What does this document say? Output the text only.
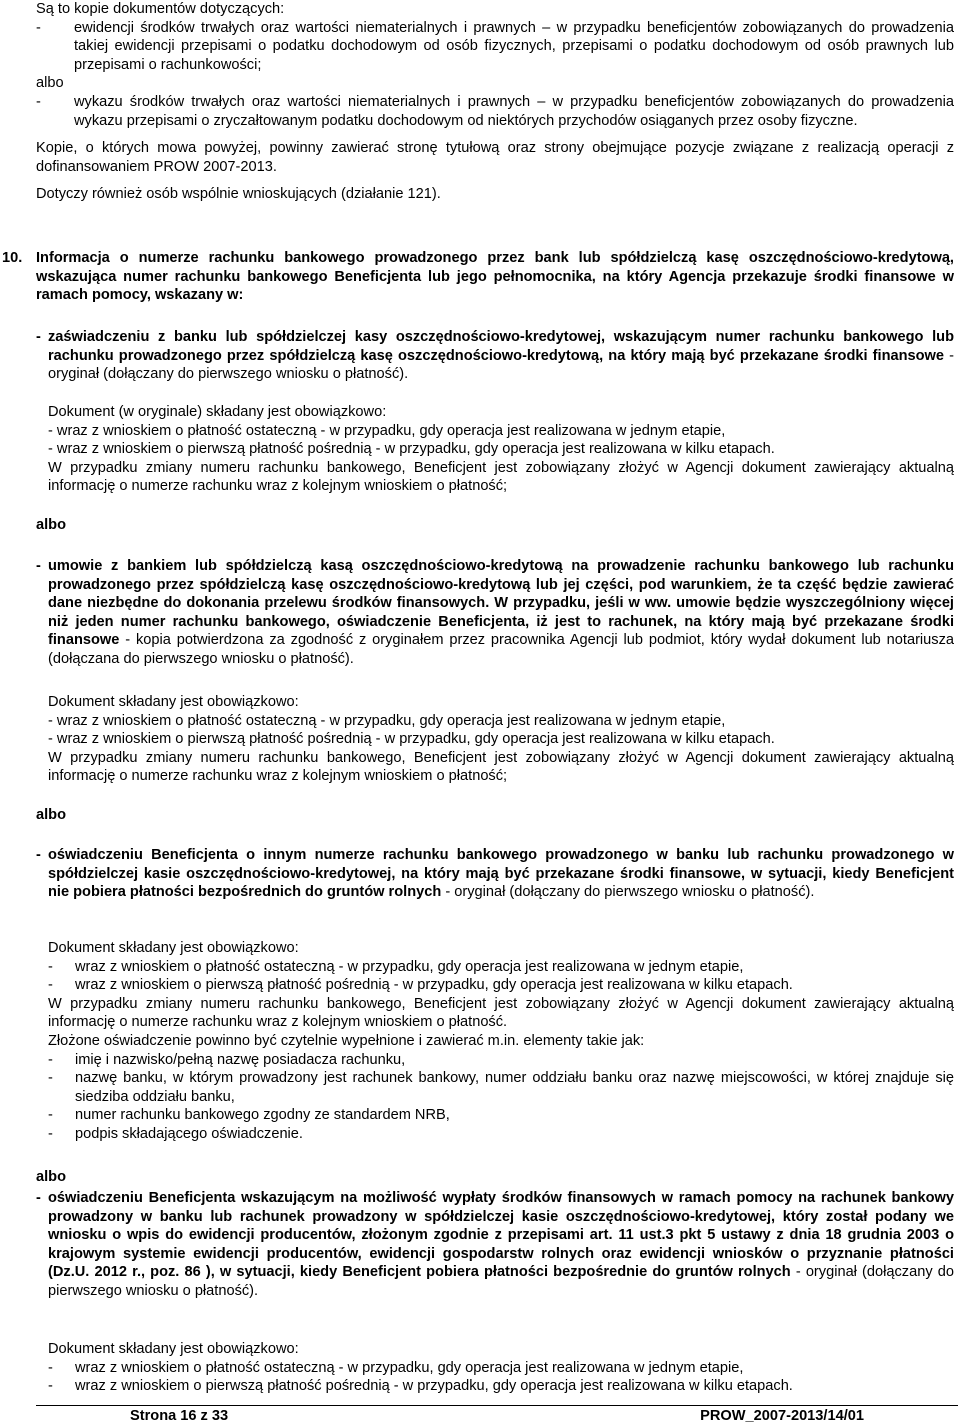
Są to kopie dokumentów dotyczących:

-	ewidencji środków trwałych oraz wartości niematerialnych i prawnych – w przypadku beneficjentów zobowiązanych do prowadzenia takiej ewidencji przepisami o podatku dochodowym od osób fizycznych, przepisami o podatku dochodowym od osób prawnych lub przepisami o rachunkowości;

albo

-	wykazu środków trwałych oraz wartości niematerialnych i prawnych – w przypadku beneficjentów zobowiązanych do prowadzenia wykazu przepisami o zryczałtowanym podatku dochodowym od niektórych przychodów osiąganych przez osoby fizyczne.

Kopie, o których mowa powyżej, powinny zawierać stronę tytułową oraz strony obejmujące pozycje związane z realizacją operacji z dofinansowaniem PROW 2007-2013.

Dotyczy również osób wspólnie wnioskujących (działanie 121).

10. Informacja o numerze rachunku bankowego prowadzonego przez bank lub spółdzielczą kasę oszczędnościowo-kredytową, wskazująca numer rachunku bankowego Beneficjenta lub jego pełnomocnika, na który Agencja przekazuje środki finansowe w ramach pomocy, wskazany w:
- zaświadczeniu z banku lub spółdzielczej kasy oszczędnościowo-kredytowej, wskazującym numer rachunku bankowego lub rachunku prowadzonego przez spółdzielczą kasę oszczędnościowo-kredytową, na który mają być przekazane środki finansowe - oryginał (dołączany do pierwszego wniosku o płatność).

Dokument (w oryginale) składany jest obowiązkowo:

- wraz z wnioskiem o płatność ostateczną - w przypadku, gdy operacja jest realizowana w jednym etapie,

- wraz z wnioskiem o pierwszą płatność pośrednią - w przypadku, gdy operacja jest realizowana w kilku etapach.

W przypadku zmiany numeru rachunku bankowego, Beneficjent jest zobowiązany złożyć w Agencji dokument zawierający aktualną informację o numerze rachunku wraz z kolejnym wnioskiem o płatność;

albo
- umowie z bankiem lub spółdzielczą kasą oszczędnościowo-kredytową na prowadzenie rachunku bankowego lub rachunku prowadzonego przez spółdzielczą kasę oszczędnościowo-kredytową lub jej części, pod warunkiem, że ta część będzie zawierać dane niezbędne do dokonania przelewu środków finansowych. W przypadku, jeśli w ww. umowie będzie wyszczególniony więcej niż jeden numer rachunku bankowego, oświadczenie Beneficjenta, iż jest to rachunek, na który mają być przekazane środki finansowe - kopia potwierdzona za zgodność z oryginałem przez pracownika Agencji lub podmiot, który wydał dokument lub notariusza (dołączana do pierwszego wniosku o płatność).

Dokument składany jest obowiązkowo:

- wraz z wnioskiem o płatność ostateczną - w przypadku, gdy operacja jest realizowana w jednym etapie,

- wraz z wnioskiem o pierwszą płatność pośrednią - w przypadku, gdy operacja jest realizowana w kilku etapach.

W przypadku zmiany numeru rachunku bankowego, Beneficjent jest zobowiązany złożyć w Agencji dokument zawierający aktualną informację o numerze rachunku wraz z kolejnym wnioskiem o płatność;

albo
- oświadczeniu Beneficjenta o innym numerze rachunku bankowego prowadzonego w banku lub rachunku prowadzonego w spółdzielczej kasie oszczędnościowo-kredytowej, na który mają być przekazane środki finansowe, w sytuacji, kiedy Beneficjent nie pobiera płatności bezpośrednich do gruntów rolnych - oryginał (dołączany do pierwszego wniosku o płatność).

Dokument składany jest obowiązkowo:

-	wraz z wnioskiem o płatność ostateczną - w przypadku, gdy operacja jest realizowana w jednym etapie,
-	wraz z wnioskiem o pierwszą płatność pośrednią - w przypadku, gdy operacja jest realizowana w kilku etapach.

W przypadku zmiany numeru rachunku bankowego, Beneficjent jest zobowiązany złożyć w Agencji dokument zawierający aktualną informację o numerze rachunku wraz z kolejnym wnioskiem o płatność.

Złożone oświadczenie powinno być czytelnie wypełnione i zawierać m.in. elementy takie jak:

-	imię i nazwisko/pełną nazwę posiadacza rachunku,
-	nazwę banku, w którym prowadzony jest rachunek bankowy, numer oddziału banku oraz nazwę miejscowości, w której znajduje się siedziba oddziału banku,
-	numer rachunku bankowego zgodny ze standardem NRB,
-	podpis składającego oświadczenie.
albo
- oświadczeniu Beneficjenta wskazującym na możliwość wypłaty środków finansowych w ramach pomocy na rachunek bankowy prowadzony w banku lub rachunek prowadzony w spółdzielczej kasie oszczędnościowo-kredytowej, który został podany we wniosku o wpis do ewidencji producentów, złożonym zgodnie z przepisami art. 11 ust.3 pkt 5 ustawy z dnia 18 grudnia 2003 o krajowym systemie ewidencji producentów, ewidencji gospodarstw rolnych oraz ewidencji wniosków o przyznanie płatności (Dz.U. 2012 r., poz. 86 ), w sytuacji, kiedy Beneficjent pobiera płatności bezpośrednie do gruntów rolnych - oryginał (dołączany do pierwszego wniosku o płatność).

Dokument składany jest obowiązkowo:

-	wraz z wnioskiem o płatność ostateczną - w przypadku, gdy operacja jest realizowana w jednym etapie,
-	wraz z wnioskiem o pierwszą płatność pośrednią - w przypadku, gdy operacja jest realizowana w kilku etapach.
Strona 16 z 33	PROW_2007-2013/14/01
